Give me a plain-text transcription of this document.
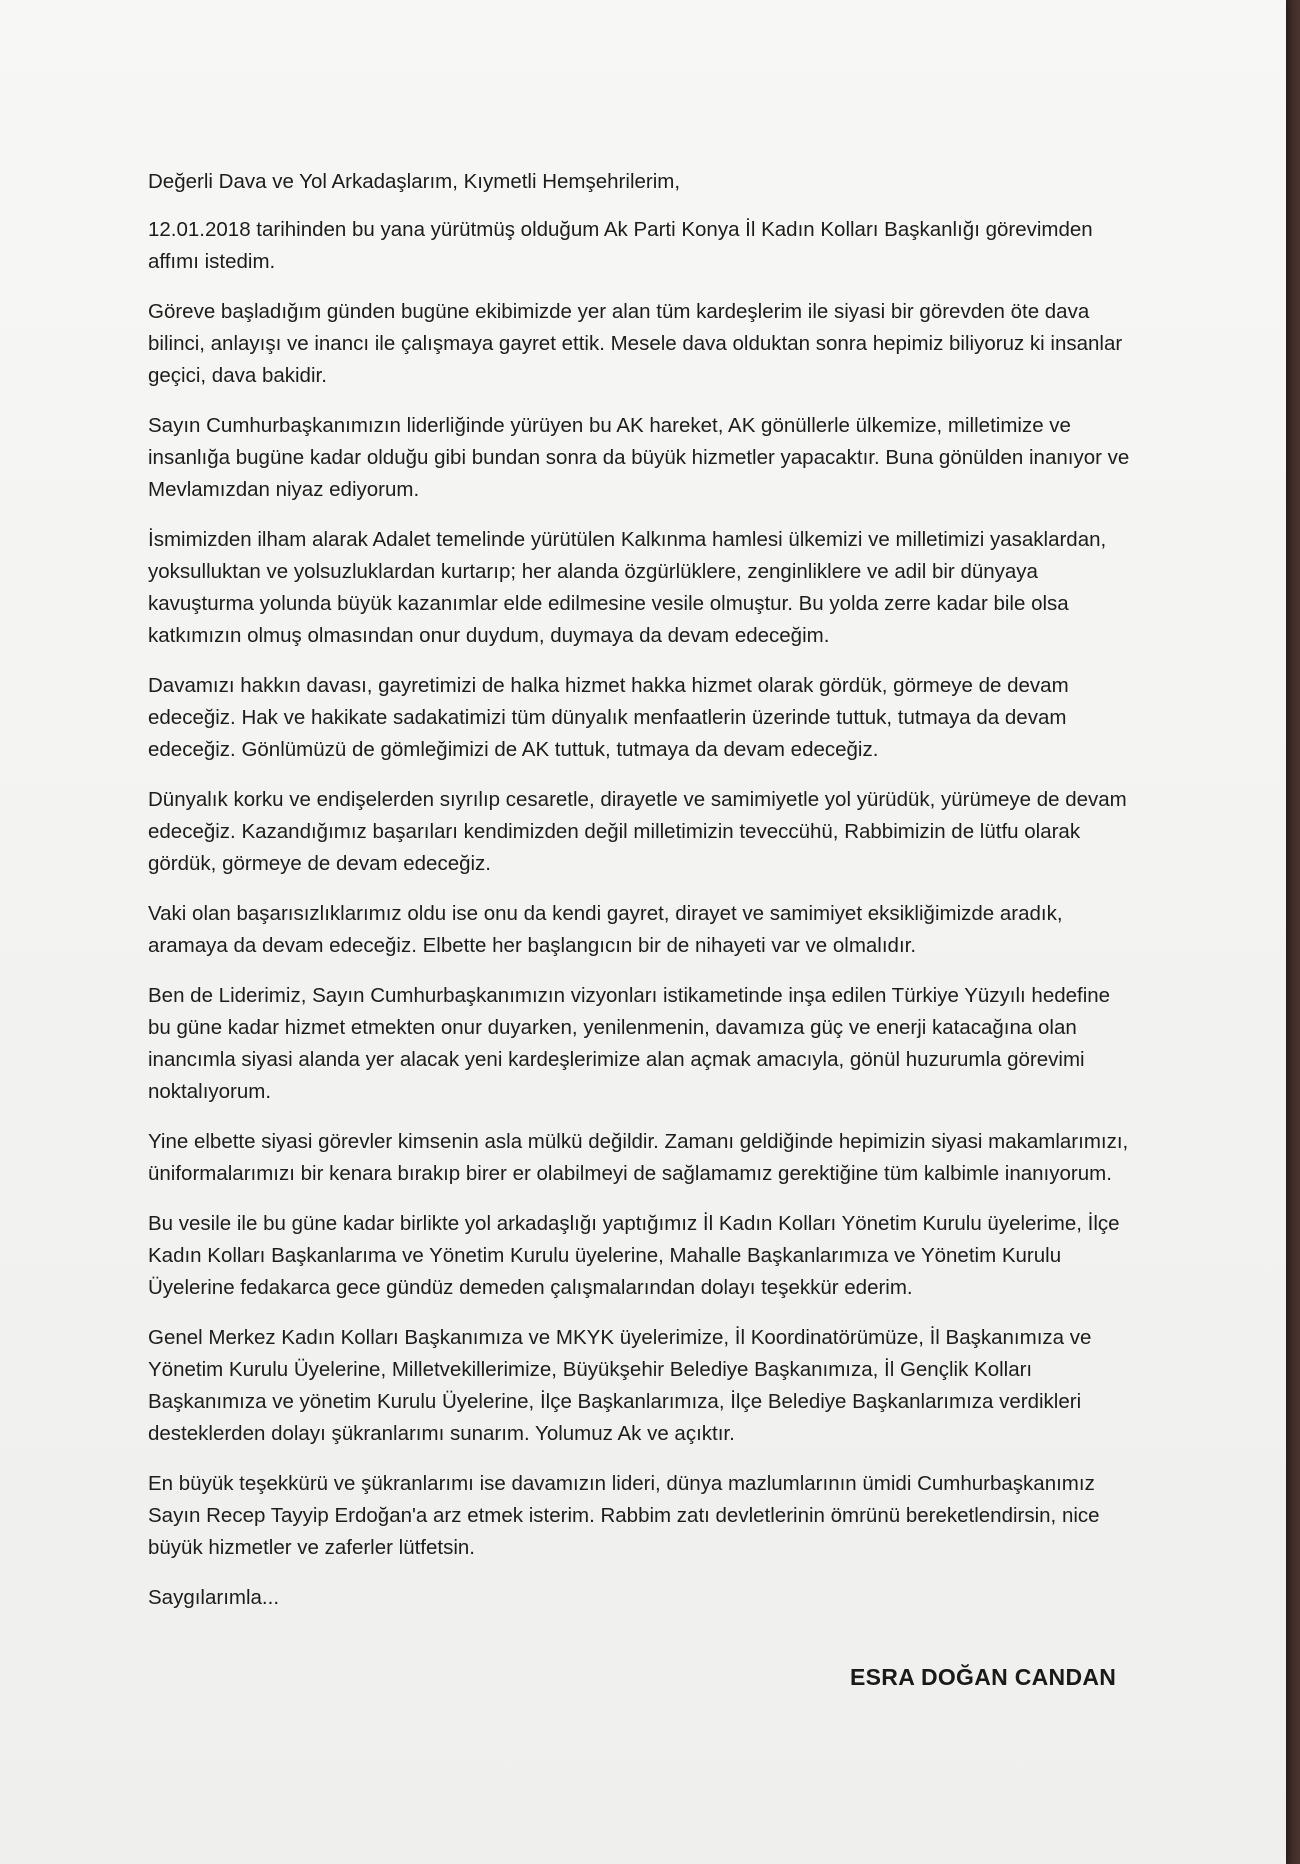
Değerli Dava ve Yol Arkadaşlarım, Kıymetli Hemşehrilerim,

12.01.2018 tarihinden bu yana yürütmüş olduğum Ak Parti Konya İl Kadın Kolları Başkanlığı görevimden affımı istedim.

Göreve başladığım günden bugüne ekibimizde yer alan tüm kardeşlerim ile siyasi bir görevden öte dava bilinci, anlayışı ve inancı ile çalışmaya gayret ettik. Mesele dava olduktan sonra hepimiz biliyoruz ki insanlar geçici, dava bakidir.

Sayın Cumhurbaşkanımızın liderliğinde yürüyen bu AK hareket, AK gönüllerle ülkemize, milletimize ve insanlığa bugüne kadar olduğu gibi bundan sonra da büyük hizmetler yapacaktır. Buna gönülden inanıyor ve Mevlamızdan niyaz ediyorum.

İsmimizden ilham alarak Adalet temelinde yürütülen Kalkınma hamlesi ülkemizi ve milletimizi yasaklardan, yoksulluktan ve yolsuzluklardan kurtarıp; her alanda özgürlüklere, zenginliklere ve adil bir dünyaya kavuşturma yolunda büyük kazanımlar elde edilmesine vesile olmuştur. Bu yolda zerre kadar bile olsa katkımızın olmuş olmasından onur duydum, duymaya da devam edeceğim.

Davamızı hakkın davası, gayretimizi de halka hizmet hakka hizmet olarak gördük, görmeye de devam edeceğiz. Hak ve hakikate sadakatimizi tüm dünyalık menfaatlerin üzerinde tuttuk, tutmaya da devam edeceğiz. Gönlümüzü de gömleğimizi de AK tuttuk, tutmaya da devam edeceğiz.

Dünyalık korku ve endişelerden sıyrılıp cesaretle, dirayetle ve samimiyetle yol yürüdük, yürümeye de devam edeceğiz. Kazandığımız başarıları kendimizden değil milletimizin teveccühü, Rabbimizin de lütfu olarak gördük, görmeye de devam edeceğiz.

Vaki olan başarısızlıklarımız oldu ise onu da kendi gayret, dirayet ve samimiyet eksikliğimizde aradık, aramaya da devam edeceğiz. Elbette her başlangıcın bir de nihayeti var ve olmalıdır.

Ben de Liderimiz, Sayın Cumhurbaşkanımızın vizyonları istikametinde inşa edilen Türkiye Yüzyılı hedefine bu güne kadar hizmet etmekten onur duyarken, yenilenmenin, davamıza güç ve enerji katacağına olan inancımla siyasi alanda yer alacak yeni kardeşlerimize alan açmak amacıyla, gönül huzurumla görevimi noktalıyorum.

Yine elbette siyasi görevler kimsenin asla mülkü değildir. Zamanı geldiğinde hepimizin siyasi makamlarımızı, üniformalarımızı bir kenara bırakıp birer er olabilmeyi de sağlamamız gerektiğine tüm kalbimle inanıyorum.

Bu vesile ile bu güne kadar birlikte yol arkadaşlığı yaptığımız İl Kadın Kolları Yönetim Kurulu üyelerime, İlçe Kadın Kolları Başkanlarıma ve Yönetim Kurulu üyelerine, Mahalle Başkanlarımıza ve Yönetim Kurulu Üyelerine fedakarca gece gündüz demeden çalışmalarından dolayı teşekkür ederim.

Genel Merkez Kadın Kolları Başkanımıza ve MKYK üyelerimize, İl Koordinatörümüze, İl Başkanımıza ve Yönetim Kurulu Üyelerine, Milletvekillerimize, Büyükşehir Belediye Başkanımıza, İl Gençlik Kolları Başkanımıza ve yönetim Kurulu Üyelerine, İlçe Başkanlarımıza, İlçe Belediye Başkanlarımıza verdikleri desteklerden dolayı şükranlarımı sunarım. Yolumuz Ak ve açıktır.

En büyük teşekkürü ve şükranlarımı ise davamızın lideri, dünya mazlumlarının ümidi Cumhurbaşkanımız Sayın Recep Tayyip Erdoğan'a arz etmek isterim. Rabbim zatı devletlerinin ömrünü bereketlendirsin, nice büyük hizmetler ve zaferler lütfetsin.

Saygılarımla...

ESRA DOĞAN CANDAN
